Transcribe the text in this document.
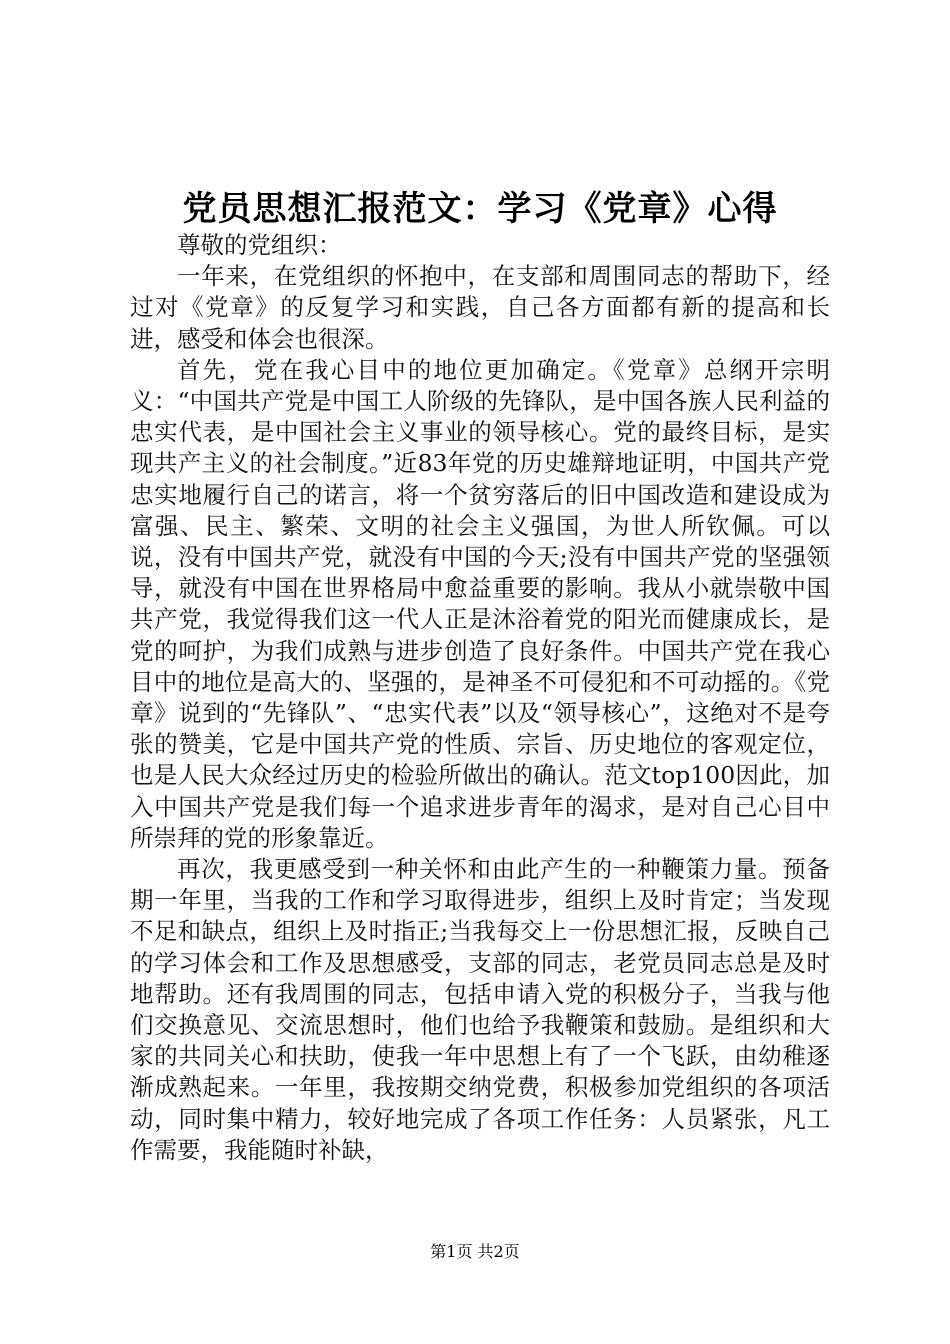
党员思想汇报范文：学习《党章》心得

尊敬的党组织：

一年来，在党组织的怀抱中，在支部和周围同志的帮助下，经过对《党章》的反复学习和实践，自己各方面都有新的提高和长进，感受和体会也很深。

首先，党在我心目中的地位更加确定。《党章》总纲开宗明义：“中国共产党是中国工人阶级的先锋队，是中国各族人民利益的忠实代表，是中国社会主义事业的领导核心。党的最终目标，是实现共产主义的社会制度。”近83年党的历史雄辩地证明，中国共产党忠实地履行自己的诺言，将一个贫穷落后的旧中国改造和建设成为富强、民主、繁荣、文明的社会主义强国，为世人所钦佩。可以说，没有中国共产党，就没有中国的今天;没有中国共产党的坚强领导，就没有中国在世界格局中愈益重要的影响。我从小就崇敬中国共产党，我觉得我们这一代人正是沐浴着党的阳光而健康成长，是党的呵护，为我们成熟与进步创造了良好条件。中国共产党在我心目中的地位是高大的、坚强的，是神圣不可侵犯和不可动摇的。《党章》说到的“先锋队”、“忠实代表”以及“领导核心”，这绝对不是夸张的赞美，它是中国共产党的性质、宗旨、历史地位的客观定位，也是人民大众经过历史的检验所做出的确认。范文top100因此，加入中国共产党是我们每一个追求进步青年的渴求，是对自己心目中所崇拜的党的形象靠近。

再次，我更感受到一种关怀和由此产生的一种鞭策力量。预备期一年里，当我的工作和学习取得进步，组织上及时肯定；当发现不足和缺点，组织上及时指正;当我每交上一份思想汇报，反映自己的学习体会和工作及思想感受，支部的同志，老党员同志总是及时地帮助。还有我周围的同志，包括申请入党的积极分子，当我与他们交换意见、交流思想时，他们也给予我鞭策和鼓励。是组织和大家的共同关心和扶助，使我一年中思想上有了一个飞跃，由幼稚逐渐成熟起来。一年里，我按期交纳党费，积极参加党组织的各项活动，同时集中精力，较好地完成了各项工作任务：人员紧张，凡工作需要，我能随时补缺，

第1页 共2页
